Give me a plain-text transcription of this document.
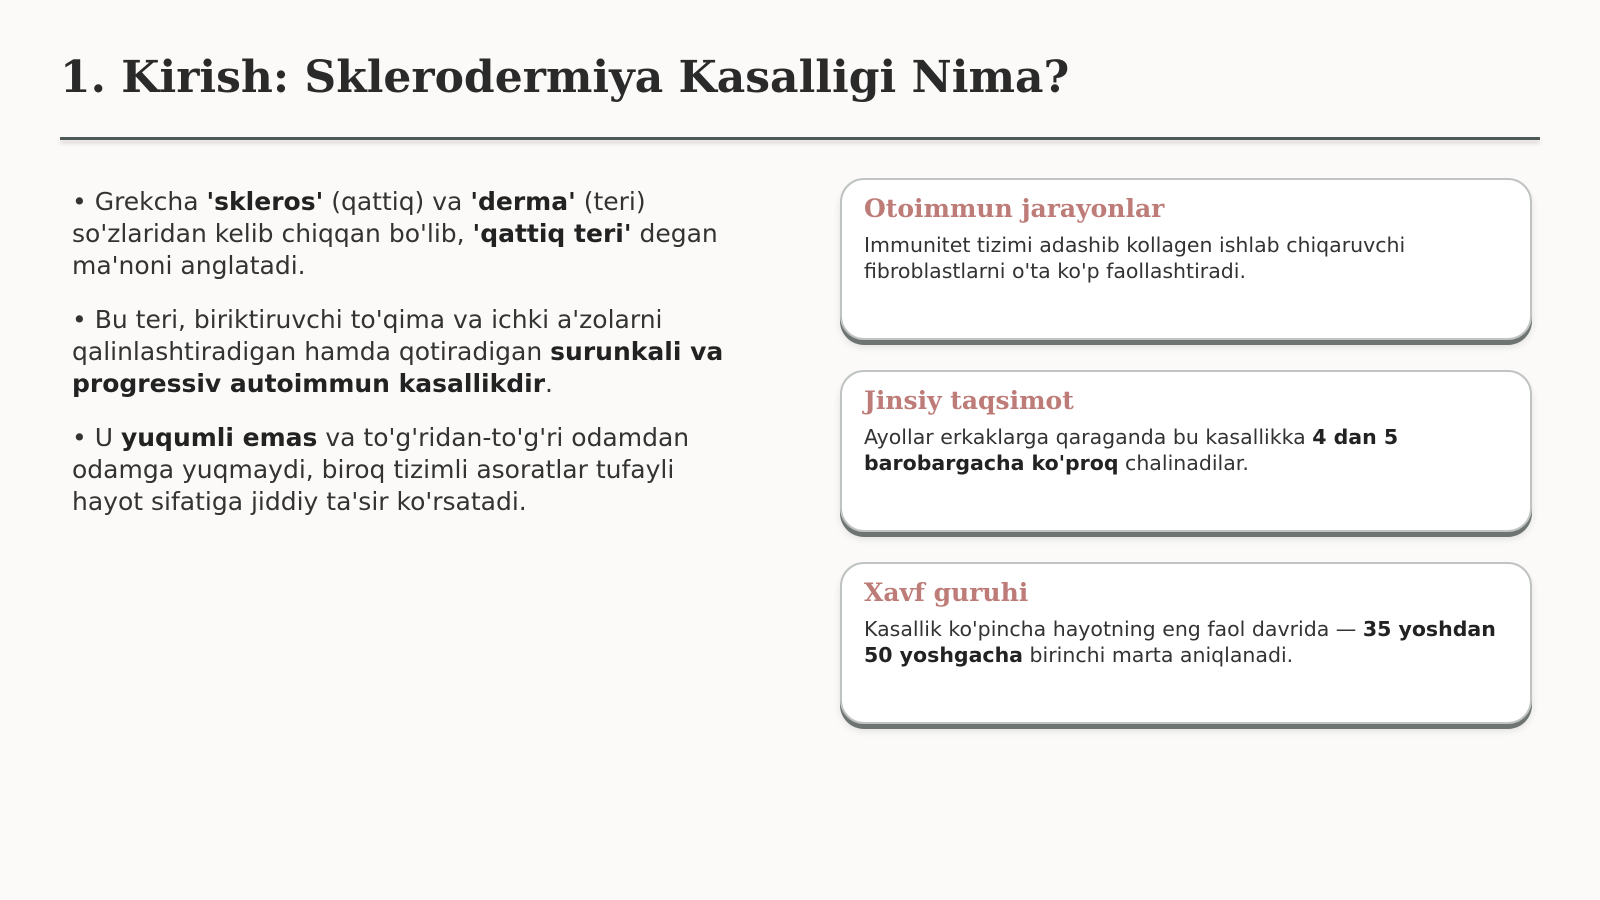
1. Kirish: Sklerodermiya Kasalligi Nima?

• Grekcha 'skleros' (qattiq) va 'derma' (teri) so'zlaridan kelib chiqqan bo'lib, 'qattiq teri' degan ma'noni anglatadi.

• Bu teri, biriktiruvchi to'qima va ichki a'zolarni qalinlashtiradigan hamda qotiradigan surunkali va progressiv autoimmun kasallikdir.

• U yuqumli emas va to'g'ridan-to'g'ri odamdan odamga yuqmaydi, biroq tizimli asoratlar tufayli hayot sifatiga jiddiy ta'sir ko'rsatadi.

Otoimmun jarayonlar

Immunitet tizimi adashib kollagen ishlab chiqaruvchi fibroblastlarni o'ta ko'p faollashtiradi.

Jinsiy taqsimot

Ayollar erkaklarga qaraganda bu kasallikka 4 dan 5 barobargacha ko'proq chalinadilar.

Xavf guruhi

Kasallik ko'pincha hayotning eng faol davrida — 35 yoshdan 50 yoshgacha birinchi marta aniqlanadi.
